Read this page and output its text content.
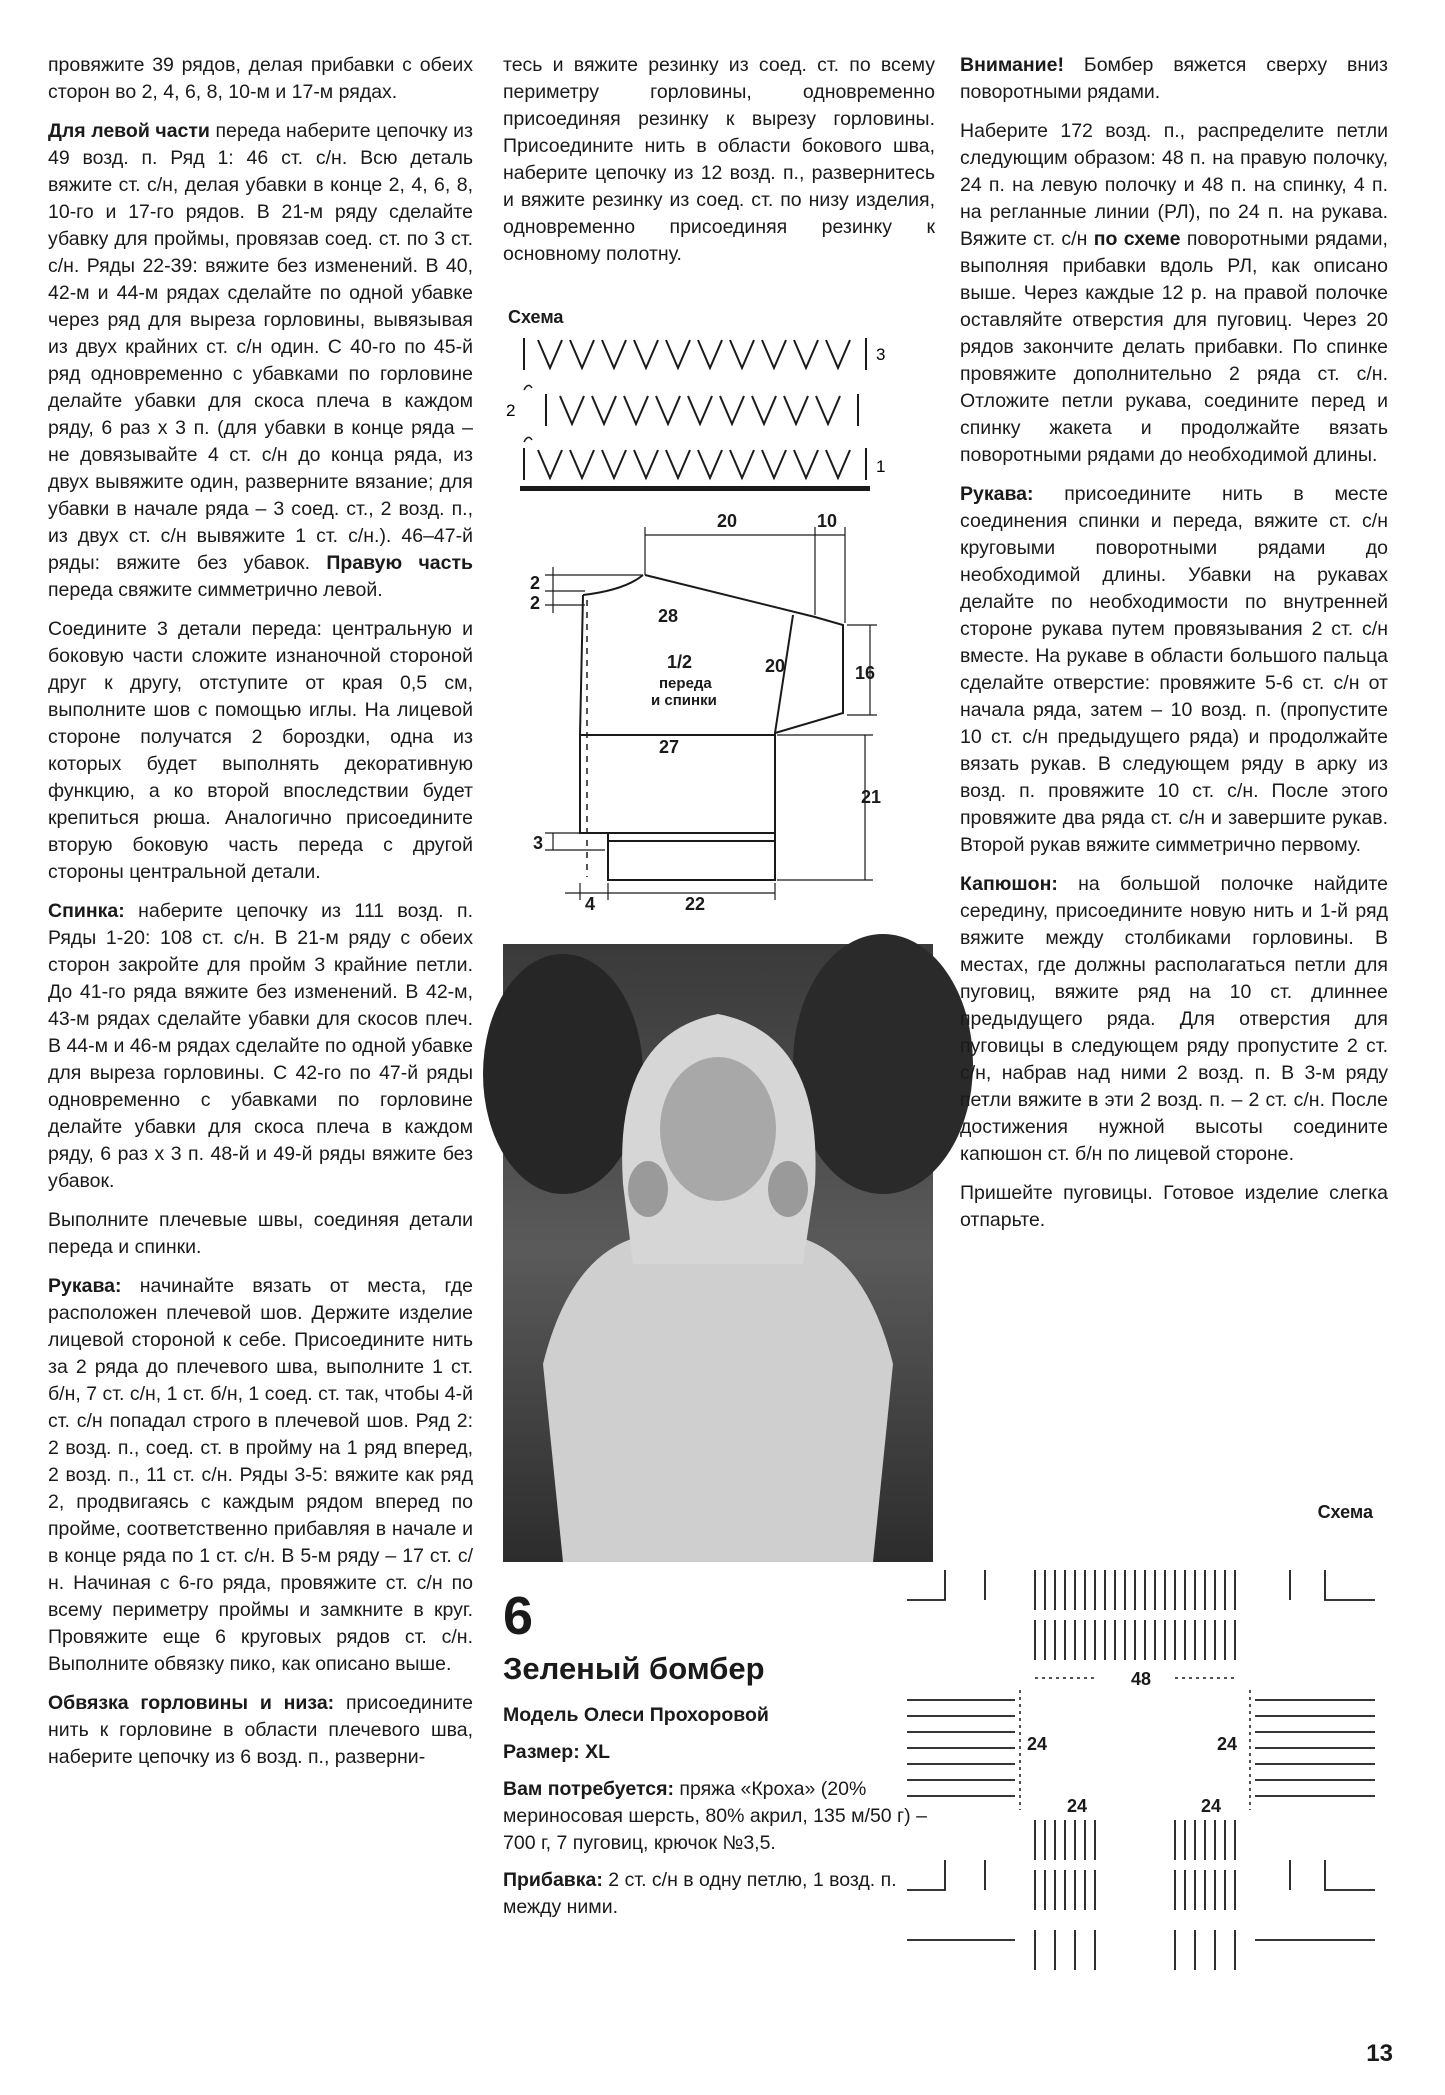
провяжите 39 рядов, делая прибавки с обеих сторон во 2, 4, 6, 8, 10-м и 17-м рядах.

Для левой части переда наберите цепочку из 49 возд. п. Ряд 1: 46 ст. с/н. Всю деталь вяжите ст. с/н, делая убавки в конце 2, 4, 6, 8, 10-го и 17-го рядов. В 21-м ряду сделайте убавку для проймы, провязав соед. ст. по 3 ст. с/н. Ряды 22-39: вяжите без изменений. В 40, 42-м и 44-м рядах сделайте по одной убавке через ряд для выреза горловины, вывязывая из двух крайних ст. с/н один. С 40-го по 45-й ряд одновременно с убавками по горловине делайте убавки для скоса плеча в каждом ряду, 6 раз х 3 п. (для убавки в конце ряда – не довязывайте 4 ст. с/н до конца ряда, из двух вывяжите один, разверните вязание; для убавки в начале ряда – 3 соед. ст., 2 возд. п., из двух ст. с/н вывяжите 1 ст. с/н.). 46–47-й ряды: вяжите без убавок. Правую часть переда свяжите симметрично левой.

Соедините 3 детали переда: центральную и боковую части сложите изнаночной стороной друг к другу, отступите от края 0,5 см, выполните шов с помощью иглы. На лицевой стороне получатся 2 бороздки, одна из которых будет выполнять декоративную функцию, а ко второй впоследствии будет крепиться рюша. Аналогично присоедините вторую боковую часть переда с другой стороны центральной детали.

Спинка: наберите цепочку из 111 возд. п. Ряды 1-20: 108 ст. с/н. В 21-м ряду с обеих сторон закройте для пройм 3 крайние петли. До 41-го ряда вяжите без изменений. В 42-м, 43-м рядах сделайте убавки для скосов плеч. В 44-м и 46-м рядах сделайте по одной убавке для выреза горловины. С 42-го по 47-й ряды одновременно с убавками по горловине делайте убавки для скоса плеча в каждом ряду, 6 раз х 3 п. 48-й и 49-й ряды вяжите без убавок.

Выполните плечевые швы, соединяя детали переда и спинки.

Рукава: начинайте вязать от места, где расположен плечевой шов. Держите изделие лицевой стороной к себе. Присоедините нить за 2 ряда до плечевого шва, выполните 1 ст. б/н, 7 ст. с/н, 1 ст. б/н, 1 соед. ст. так, чтобы 4-й ст. с/н попадал строго в плечевой шов. Ряд 2: 2 возд. п., соед. ст. в пройму на 1 ряд вперед, 2 возд. п., 11 ст. с/н. Ряды 3-5: вяжите как ряд 2, продвигаясь с каждым рядом вперед по пройме, соответственно прибавляя в начале и в конце ряда по 1 ст. с/н. В 5-м ряду – 17 ст. с/н. Начиная с 6-го ряда, провяжите ст. с/н по всему периметру проймы и замкните в круг. Провяжите еще 6 круговых рядов ст. с/н. Выполните обвязку пико, как описано выше.

Обвязка горловины и низа: присоедините нить к горловине в области плечевого шва, наберите цепочку из 6 возд. п., разверни-

тесь и вяжите резинку из соед. ст. по всему периметру горловины, одновременно присоединяя резинку к вырезу горловины. Присоедините нить в области бокового шва, наберите цепочку из 12 возд. п., развернитесь и вяжите резинку из соед. ст. по низу изделия, одновременно присоединяя резинку к основному полотну.

Схема
3
2
1
20	10
2
2
28
1/2
переда
и спинки
20	16
27
21
3
4	22
6
Зеленый бомбер

Модель Олеси Прохоровой

Размер: XL

Вам потребуется: пряжа «Кроха» (20% мериносовая шерсть, 80% акрил, 135 м/50 г) – 700 г, 7 пуговиц, крючок №3,5.

Прибавка: 2 ст. с/н в одну петлю, 1 возд. п. между ними.

Внимание! Бомбер вяжется сверху вниз поворотными рядами.

Наберите 172 возд. п., распределите петли следующим образом: 48 п. на правую полочку, 24 п. на левую полочку и 48 п. на спинку, 4 п. на регланные линии (РЛ), по 24 п. на рукава. Вяжите ст. с/н по схеме поворотными рядами, выполняя прибавки вдоль РЛ, как описано выше. Через каждые 12 р. на правой полочке оставляйте отверстия для пуговиц. Через 20 рядов закончите делать прибавки. По спинке провяжите дополнительно 2 ряда ст. с/н. Отложите петли рукава, соедините перед и спинку жакета и продолжайте вязать поворотными рядами до необходимой длины.

Рукава: присоедините нить в месте соединения спинки и переда, вяжите ст. с/н круговыми поворотными рядами до необходимой длины. Убавки на рукавах делайте по необходимости по внутренней стороне рукава путем провязывания 2 ст. с/н вместе. На рукаве в области большого пальца сделайте отверстие: провяжите 5-6 ст. с/н от начала ряда, затем – 10 возд. п. (пропустите 10 ст. с/н предыдущего ряда) и продолжайте вязать рукав. В следующем ряду в арку из возд. п. провяжите 10 ст. с/н. После этого провяжите два ряда ст. с/н и завершите рукав. Второй рукав вяжите симметрично первому.

Капюшон: на большой полочке найдите середину, присоедините новую нить и 1-й ряд вяжите между столбиками горловины. В местах, где должны располагаться петли для пуговиц, вяжите ряд на 10 ст. длиннее предыдущего ряда. Для отверстия для пуговицы в следующем ряду пропустите 2 ст. с/н, набрав над ними 2 возд. п. В 3-м ряду петли вяжите в эти 2 возд. п. – 2 ст. с/н. После достижения нужной высоты соедините капюшон ст. б/н по лицевой стороне.

Пришейте пуговицы. Готовое изделие слегка отпарьте.

Схема
48
24	24
24	24
13
